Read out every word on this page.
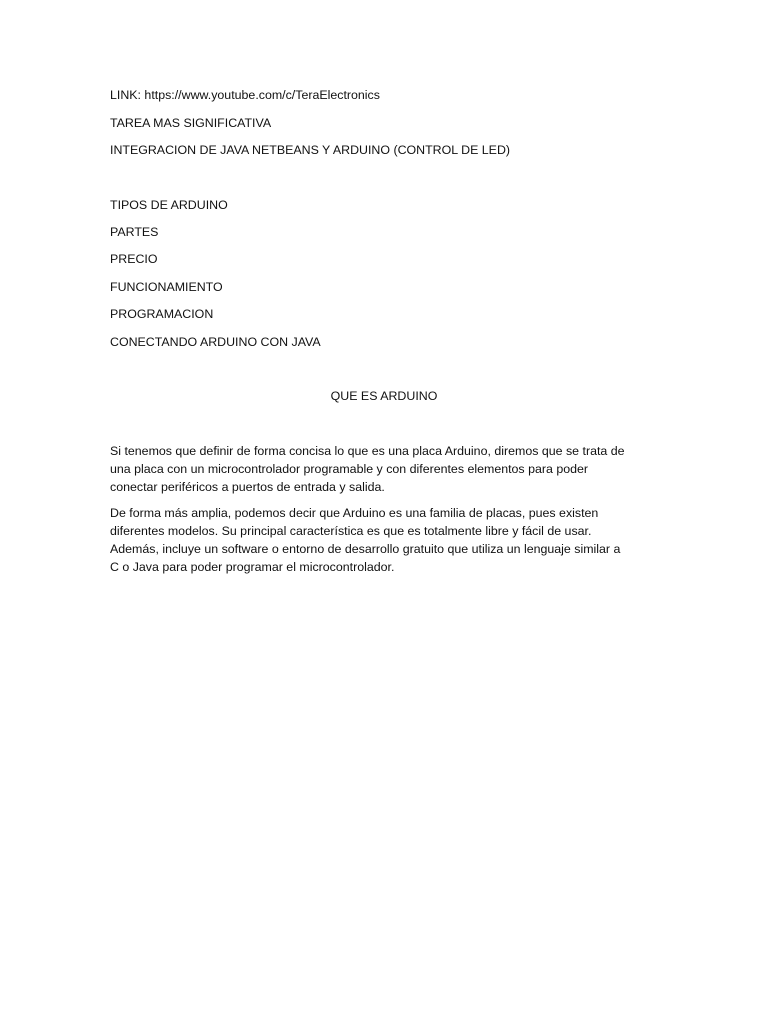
LINK: https://www.youtube.com/c/TeraElectronics
TAREA MAS SIGNIFICATIVA
INTEGRACION DE JAVA NETBEANS Y ARDUINO (CONTROL DE LED)
TIPOS DE ARDUINO
PARTES
PRECIO
FUNCIONAMIENTO
PROGRAMACION
CONECTANDO ARDUINO CON JAVA
QUE ES ARDUINO
Si tenemos que definir de forma concisa lo que es una placa Arduino, diremos que se trata de
una placa con un microcontrolador programable y con diferentes elementos para poder
conectar periféricos a puertos de entrada y salida.
De forma más amplia, podemos decir que Arduino es una familia de placas, pues existen
diferentes modelos. Su principal característica es que es totalmente libre y fácil de usar.
Además, incluye un software o entorno de desarrollo gratuito que utiliza un lenguaje similar a
C o Java para poder programar el microcontrolador.
